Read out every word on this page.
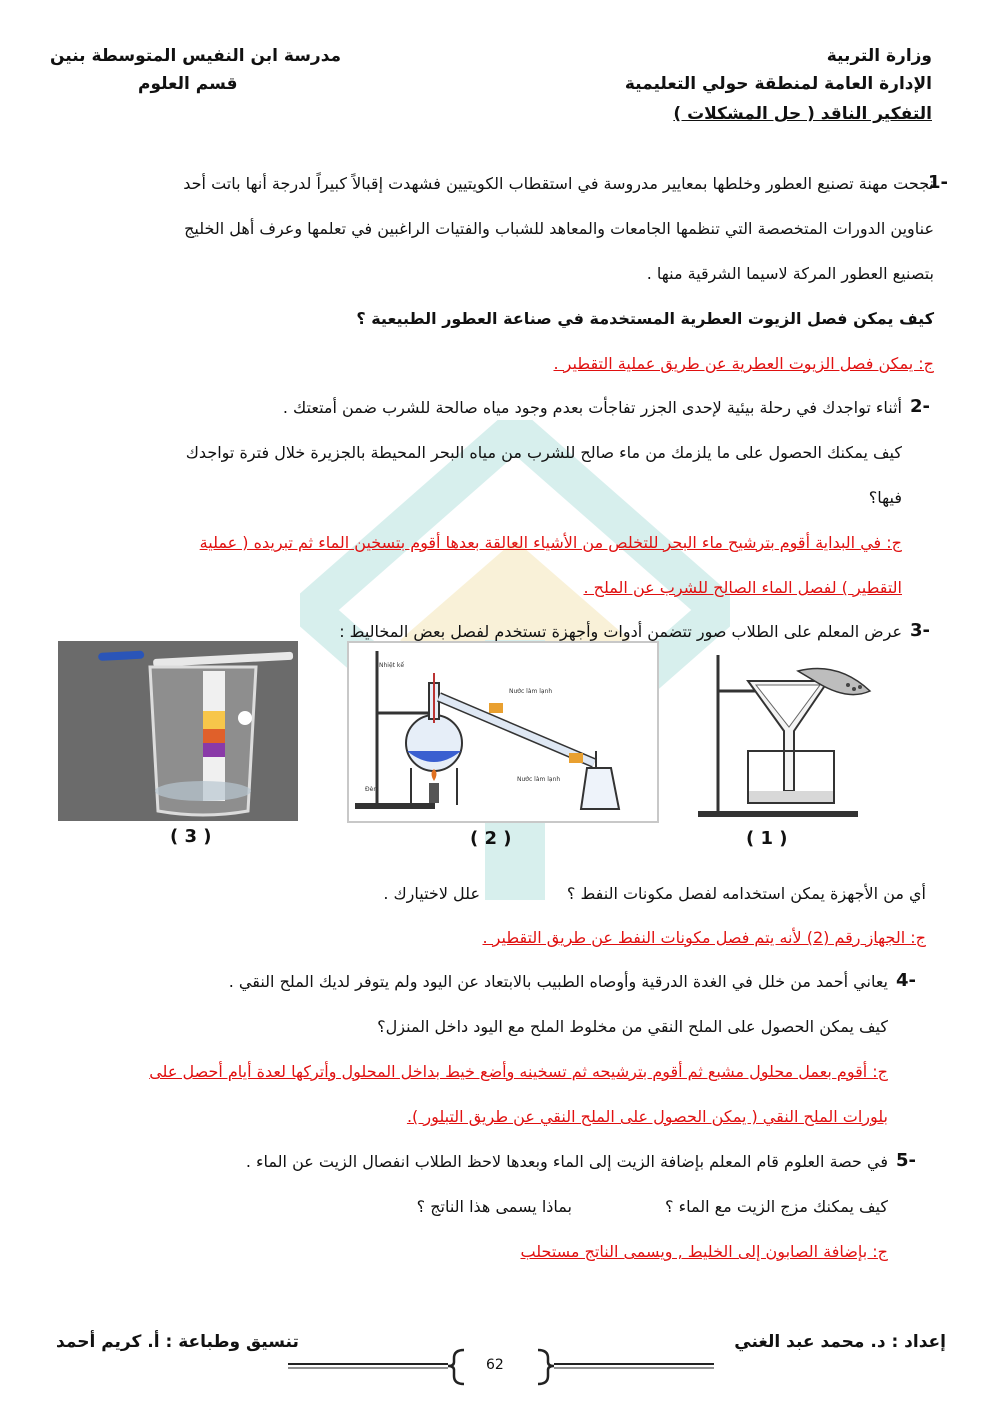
وزارة التربية
الإدارة العامة لمنطقة حولي التعليمية
التفكير الناقد ( حل المشكلات )
مدرسة ابن النفيس المتوسطة بنين
قسم العلوم
1-
نجحت مهنة تصنيع العطور وخلطها بمعايير مدروسة في استقطاب الكويتيين فشهدت إقبالاً كبيراً لدرجة أنها باتت أحد
عناوين الدورات المتخصصة التي تنظمها الجامعات والمعاهد للشباب والفتيات الراغبين في تعلمها وعرف أهل الخليج
بتصنيع العطور المركة لاسيما الشرقية منها .
كيف يمكن فصل الزيوت العطرية المستخدمة في صناعة العطور الطبيعية ؟
ج: يمكن فصل الزيوت العطرية عن طريق عملية التقطير .
2-
أثناء تواجدك في رحلة بيئية لإحدى الجزر تفاجأت بعدم وجود مياه صالحة للشرب ضمن أمتعتك .
كيف يمكنك الحصول على ما يلزمك من ماء صالح للشرب من مياه البحر المحيطة بالجزيرة خلال فترة تواجدك
فيها؟
ج: في البداية أقوم بترشيح ماء البحر للتخلص من الأشياء العالقة بعدها أقوم بتسخين الماء ثم تبريده ( عملية
التقطير ) لفصل الماء الصالح للشرب عن الملح .
3-
عرض المعلم على الطلاب صور تتضمن أدوات وأجهزة تستخدم لفصل بعض المخاليط :
Nước làm lạnh
Nhiệt kế
Nước làm lạnh
Đèn
( 3 )	( 2 )	( 1 )
أي من الأجهزة يمكن استخدامه لفصل مكونات النفط ؟
علل لاختيارك .
ج: الجهاز رقم (2) لأنه يتم فصل مكونات النفط عن طريق التقطير .
4-
يعاني أحمد من خلل في الغدة الدرقية وأوصاه الطبيب بالابتعاد عن اليود ولم يتوفر لديك الملح النقي .
كيف يمكن الحصول على الملح النقي من مخلوط الملح مع اليود داخل المنزل؟
ج: أقوم بعمل محلول مشبع ثم أقوم بترشيحه ثم تسخينه وأضع خيط بداخل المحلول وأتركها لعدة أيام أحصل على
بلورات الملح النقي ( يمكن الحصول على الملح النقي عن طريق التبلور ).
5-
في حصة العلوم قام المعلم بإضافة الزيت إلى الماء وبعدها لاحظ الطلاب انفصال الزيت عن الماء .
كيف يمكنك مزج الزيت مع الماء ؟
بماذا يسمى هذا الناتج ؟
ج: بإضافة الصابون إلى الخليط , ويسمى الناتج مستحلب
إعداد : د. محمد عبد الغني
تنسيق وطباعة : أ. كريم أحمد
62
